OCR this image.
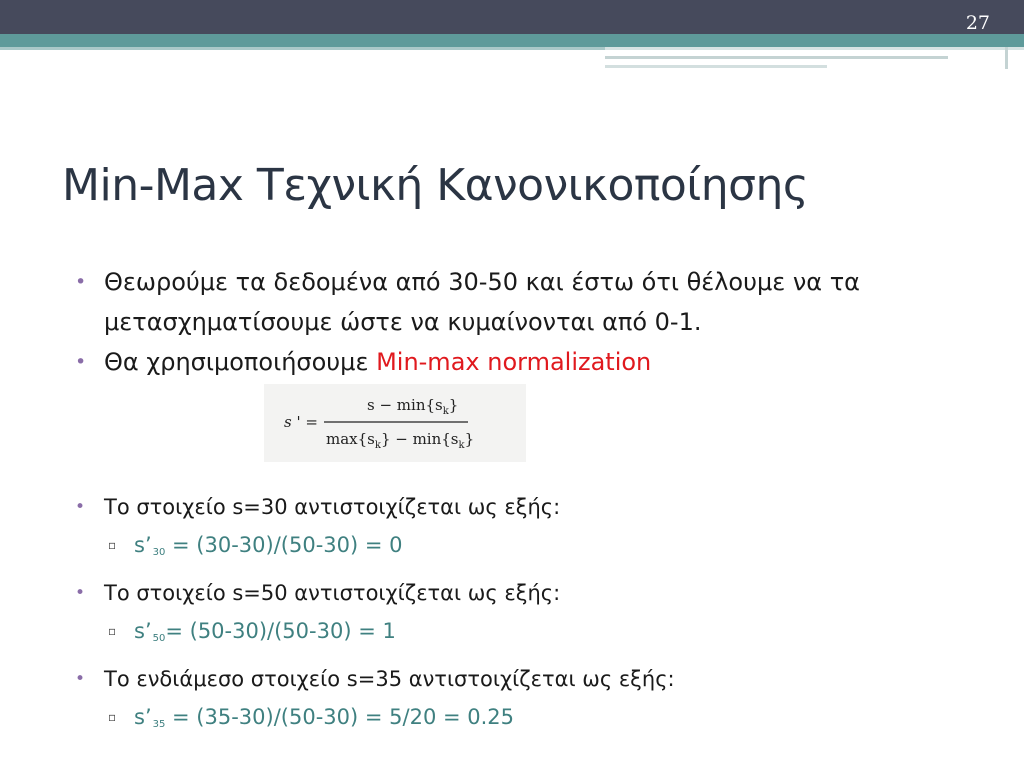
27
Min-Max Τεχνική Κανονικοποίησης
• Θεωρούμε τα δεδομένα από 30-50 και έστω ότι θέλουμε να τα μετασχηματίσουμε ώστε να κυμαίνονται από 0-1.
• Θα χρησιμοποιήσουμε Min-max normalization
• Το στοιχείο s=30 αντιστοιχίζεται ως εξής:
▫ $s’_{30} = (30-30)/(50-30) = 0$
• Το στοιχείο s=50 αντιστοιχίζεται ως εξής:
▫ $s’_{50}= (50-30)/(50-30) = 1$
• Το ενδιάμεσο στοιχείο s=35 αντιστοιχίζεται ως εξής:
▫ $s’_{35} = (35-30)/(50-30) = 5/20 = 0.25$
s ' =
$s - \min\{s_k\}$
$\max\{s_k\} - \min\{s_k\}$
